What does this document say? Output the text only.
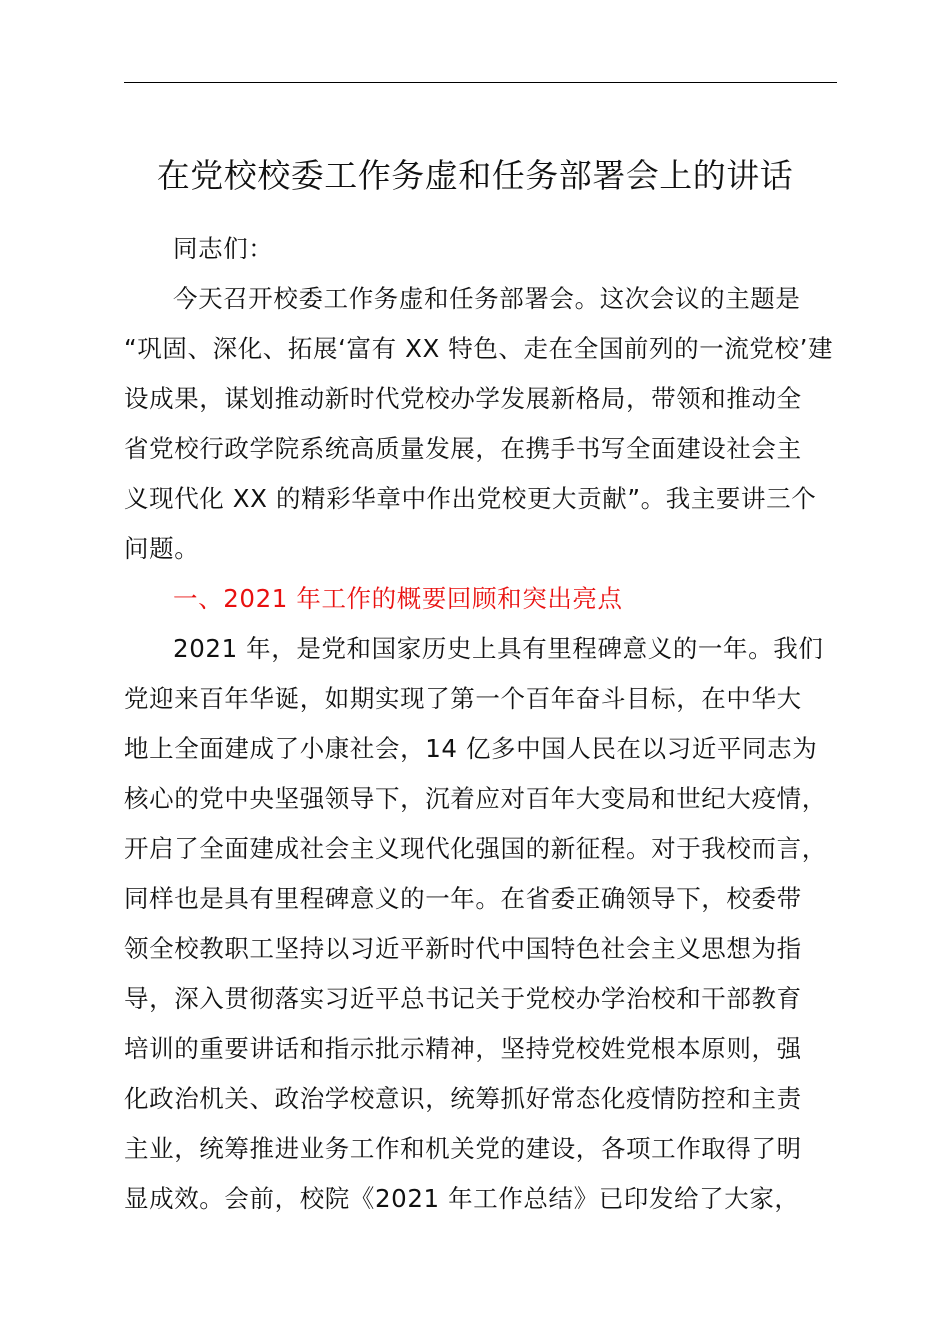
在党校校委工作务虚和任务部署会上的讲话
同志们：
今天召开校委工作务虚和任务部署会。这次会议的主题是
“巩固、深化、拓展‘富有 XX 特色、走在全国前列的一流党校’建
设成果，谋划推动新时代党校办学发展新格局，带领和推动全
省党校行政学院系统高质量发展，在携手书写全面建设社会主
义现代化 XX 的精彩华章中作出党校更大贡献”。我主要讲三个
问题。
一、2021 年工作的概要回顾和突出亮点
2021 年，是党和国家历史上具有里程碑意义的一年。我们
党迎来百年华诞，如期实现了第一个百年奋斗目标，在中华大
地上全面建成了小康社会，14 亿多中国人民在以习近平同志为
核心的党中央坚强领导下，沉着应对百年大变局和世纪大疫情，
开启了全面建成社会主义现代化强国的新征程。对于我校而言，
同样也是具有里程碑意义的一年。在省委正确领导下，校委带
领全校教职工坚持以习近平新时代中国特色社会主义思想为指
导，深入贯彻落实习近平总书记关于党校办学治校和干部教育
培训的重要讲话和指示批示精神，坚持党校姓党根本原则，强
化政治机关、政治学校意识，统筹抓好常态化疫情防控和主责
主业，统筹推进业务工作和机关党的建设，各项工作取得了明
显成效。会前，校院《2021 年工作总结》已印发给了大家，
